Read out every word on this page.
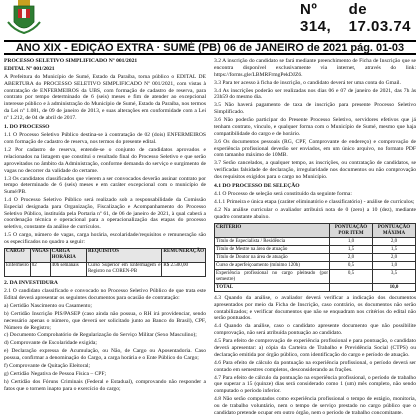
Nº 314,
de 17.03.74
ANO XIX - EDIÇÃO EXTRA · SUMÉ (PB) 06 de JANEIRO de 2021 pág. 01-03

PROCESSO SELETIVO SIMPLIFICADO Nº 001/2021

EDITAL Nº 001/2021

A Prefeitura do Município de Sumé, Estado da Paraíba, torna público o EDITAL DE ABERTURA do PROCESSO SELETIVO SIMPLIFICADO Nº 001/2021, com vistas à contratação de ENFERMEIROS da UBS, com formação de cadastro de reserva, para contrato por tempo determinado de 6 (seis) meses e fim de atender ao excepcional interesse público e à administração do Município de Sumé, Estado da Paraíba, nos termos da Lei nº 1.081, de 09 de janeiro de 2013, e suas alterações em conformidade com a Lei nº 1.212, de 04 de abril de 2017.

1. DO PROCESSO

1.1 O Processo Seletivo Público destina-se à contratação de 02 (dois) ENFERMEIROS com formação de cadastro de reserva, nos termos do presente edital.

1.2 Por cadastro de reserva, entende-se o conjunto de candidatos aprovados e relacionados na listagem que constitui o resultado final do Processo Seletivo e que serão aproveitados no âmbito da Administração, conforme demanda do serviço e surgimento de vagas no decorrer da validade do certame.

1.3 Os candidatos classificados que vierem a ser convocados deverão assinar contrato por tempo determinado de 6 (seis) meses e em caráter excepcional com o município de Sumé/PB.

1.4 O Processo Seletivo Público será realizado sob a responsabilidade da Comissão Especial designada para Organização, Fiscalização e Acompanhamento do Processo Seletivo Público, instituída pela Portaria nº 61, de 06 de janeiro de 2021, à qual caberá a coordenação técnica e operacional para a operacionalização das etapas do processo seletivo, constante da análise de currículos.

1.5 O cargo, número de vagas, carga horária, escolaridade/requisitos e remuneração são os especificados no quadro a seguir:

CARGO	VAGAS	CARGA HORÁRIA	REQUISITOS	REMUNERAÇÃO
Enfermeiro	02	40h semanais	Curso Superior em Enfermagem e Registro no COREN-PB	R$ 2.500,00

2. DA INVESTIDURA

2.1 O candidato classificado e convocado no Processo Seletivo Público de que trata este Edital deverá apresentar os seguintes documentos para ocasião de contratação:

a) Certidão Nascimento ou Casamento;

b) Certidão Inscrição PIS/PASEP (caso ainda não possua, o RH irá providenciar, sendo necessário apenas o número, que deverá ser solicitado junto ao Banco do Brasil), CPF, Número de Registro;

c) Documento Comprobatório de Regularização do Serviço Militar (Sexo Masculino);

d) Comprovante de Escolaridade exigida;

e) Declaração expressa de Acumulação, ou Não, de Cargo ou Aposentadoria. Caso possua, confirmar a denominação do Cargo, a carga horária e o Ente Público do Cargo;

f) Comprovante de Quitação Eleitoral;

g) Certidão Negativa de Pessoa Física – CPF;

h) Certidão dos Fóruns Criminais (Federal e Estadual), comprovando não responder a fatos que o tornem inapto para o exercício do cargo;

3.2 A inscrição do candidato se fará mediante preenchimento de Ficha de Inscrição que se encontra disponível exclusivamente via internet, através do link: https://forms.gle/LBMRFrmgPekDJZ6.

3.3 Para ter acesso à ficha de inscrição, o candidato deverá ter uma conta do Gmail.

3.4 As inscrições poderão ser realizadas nos dias 06 e 07 de janeiro de 2021, das 7h às 23h59 do mesmo dia.

3.5 Não haverá pagamento de taxa de inscrição para presente Processo Seletivo Simplificado.

3.6 Não poderão participar do Presente Processo Seletivo, servidores efetivos que já tenham contrato, vínculo, e qualquer forma com o Município de Sumé, mesmo que haja compatibilidade do cargo e de horário.

3.6 Os documentos pessoais (RG, CPF, Comprovante de endereço) e comprovação de experiência profissional deverão ser enviados, em um único arquivo, no formato PDF com tamanho máximo de 10MB.

3.7 Serão cancelados, a qualquer tempo, as inscrições, ou contratação de candidatos, se verificadas falsidade de declaração, irregularidade nos documentos ou não comprovação dos requisitos exigidos para o cargo no Município.

4.1 DO PROCESSO DE SELEÇÃO

4.1 O Processo de seleção será constituído da seguinte forma:

4.1.1 Primeira e única etapa (caráter eliminatório e classificatório) - análise de currículos;

4.2 Na análise curricular o avaliador atribuirá nota de 0 (zero) a 10 (dez), mediante quadro constante abaixo.

CRITÉRIO	PONTUAÇÃO POR ITEM	PONTUAÇÃO MÁXIMA
Título de Especialista / Residência	1,0	2,0
Título de Mestre na área de atuação	1,5	1,5
Título de Doutor na área de atuação	2,0	2,0
Curso de aperfeiçoamento (mínimo 120h)	0,5	1,0
Experiência profissional no cargo pleiteado (por semestre)	0,5	3,5
TOTAL		10,0

4.3 Quando da análise, o avaliador deverá verificar a indicação dos documentos apresentados por meio da Ficha de Inscrição, caso contrário, os documentos não serão contabilizados; e verificar documentos que não se enquadram nos critérios do edital não serão pontuados.

4.4 Quando da análise, caso o candidato apresente documento que não possibilite comprovação, não será atribuída pontuação ao candidato.

4.5 Para efeito de comprovação de experiência profissional e para pontuação, o candidato deverá apresentar: a) cópia da Carteira de Trabalho e Previdência Social (CTPS) ou declaração emitida por órgão público, com identificação do cargo e período de atuação.

4.6 Para efeito de cálculo da pontuação na experiência profissional, o período deverá ser contado em semestres completos, desconsiderando as frações.

4.7 Para efeito de cálculo da pontuação na experiência profissional, o período de trabalho que superar a 15 (quinze) dias será considerado como 1 (um) mês completo, não sendo computado o período inferior.

4.8 Não serão computados como experiência profissional o tempo de estágio, monitoria, ou de trabalho voluntário, nem o tempo de serviço prestado no cargo público que o candidato pretende ocupar em outro órgão, nem o período de trabalho concomitante.
